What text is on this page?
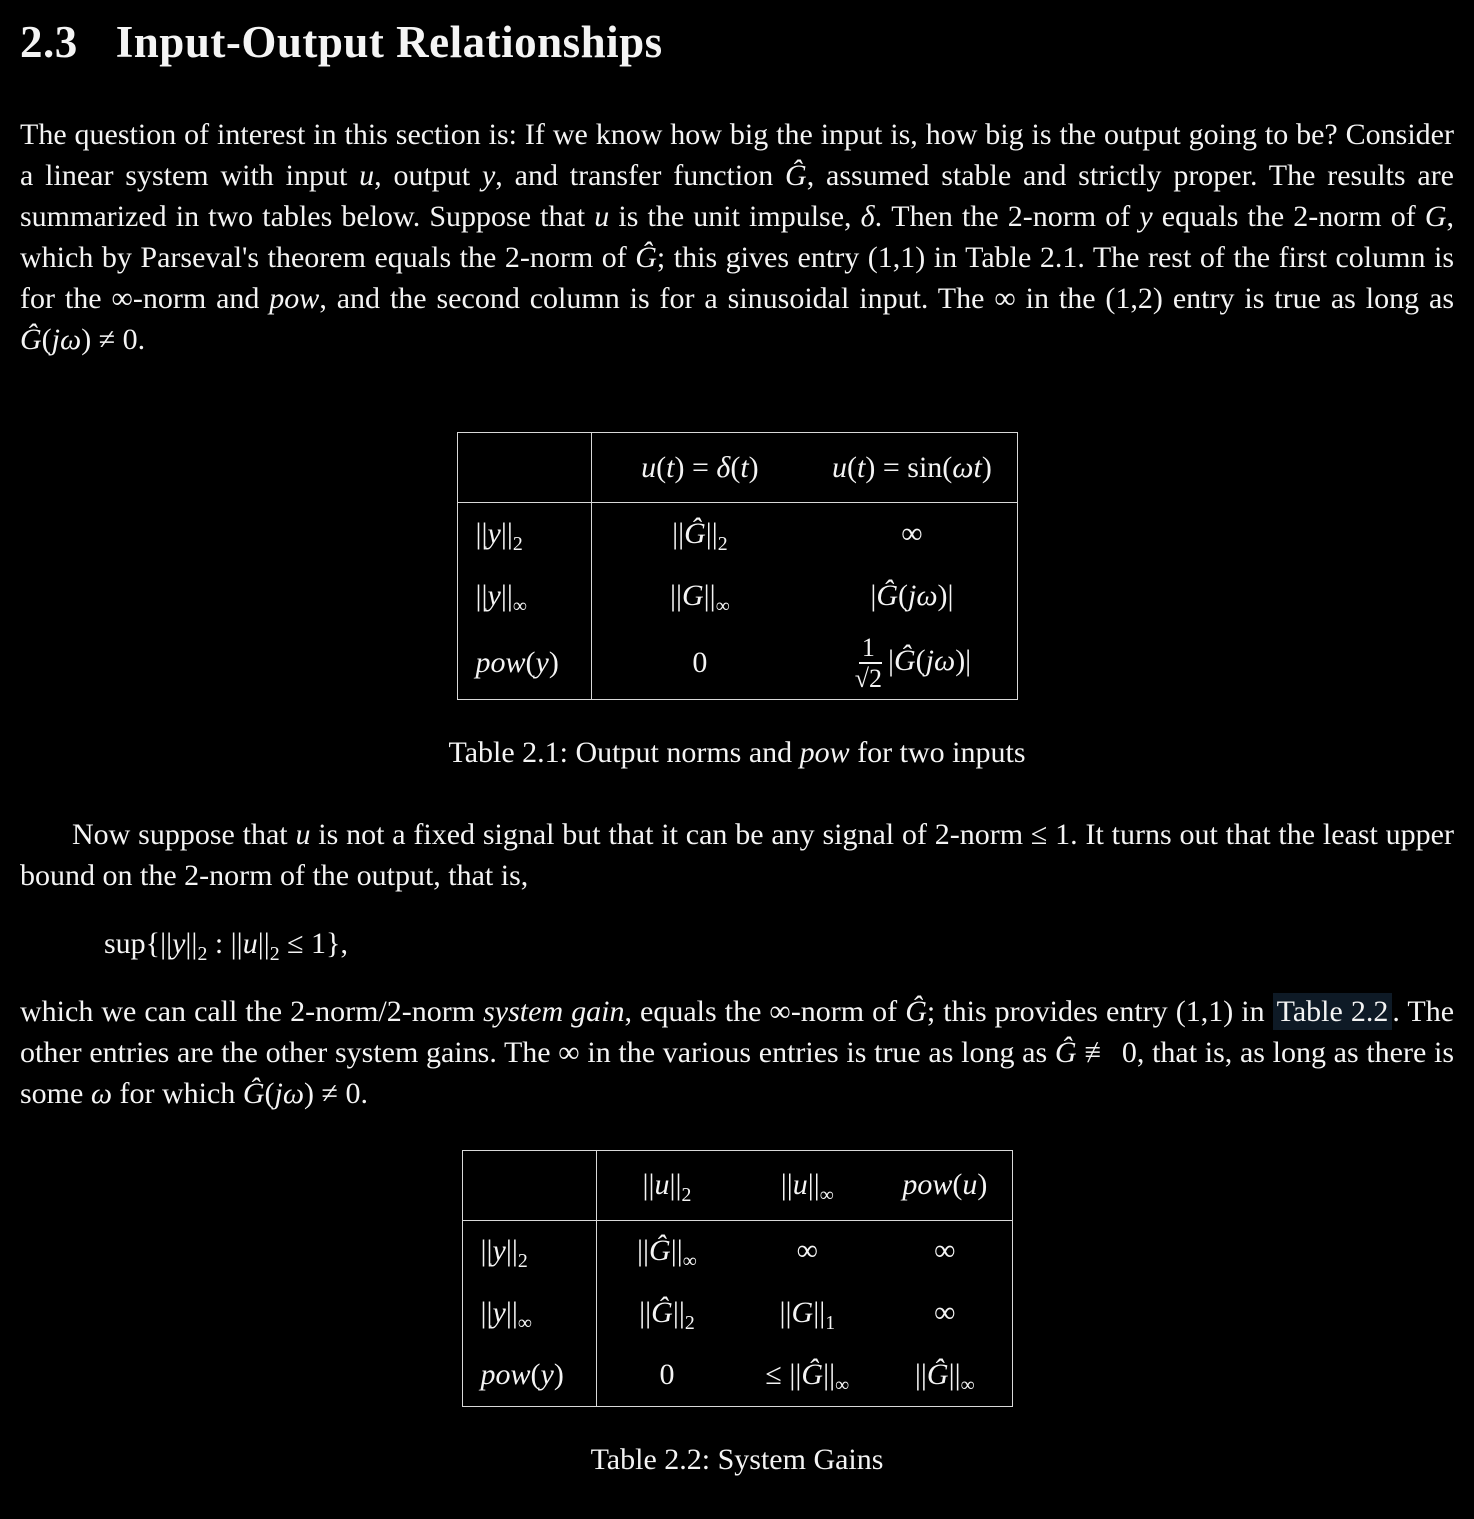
2.3 Input-Output Relationships

The question of interest in this section is: If we know how big the input is, how big is the output going to be? Consider a linear system with input u, output y, and transfer function Ĝ, assumed stable and strictly proper. The results are summarized in two tables below. Suppose that u is the unit impulse, δ. Then the 2-norm of y equals the 2-norm of G, which by Parseval's theorem equals the 2-norm of Ĝ; this gives entry (1,1) in Table 2.1. The rest of the first column is for the ∞-norm and pow, and the second column is for a sinusoidal input. The ∞ in the (1,2) entry is true as long as Ĝ(jω) ≠ 0.

	u(t) = δ(t)	u(t) = sin(ωt)
$||y||_2$	$||Ĝ||_2$	∞
$||y||_\infty$	$||G||_\infty$	|Ĝ(jω)|
pow(y)	0	$\frac{1}{√2}$ |Ĝ(jω)|
Table 2.1: Output norms and pow for two inputs

Now suppose that u is not a fixed signal but that it can be any signal of 2-norm ≤ 1. It turns out that the least upper bound on the 2-norm of the output, that is,

$sup\{||y||_2$ : $||u||_2 \le 1$},

which we can call the 2-norm/2-norm system gain, equals the ∞-norm of Ĝ; this provides entry (1,1) in Table 2.2 . The other entries are the other system gains. The ∞ in the various entries is true as long as Ĝ ≢ 0, that is, as long as there is some ω for which Ĝ(jω) ≠ 0.

	$||u||_2$	$||u||_\infty$	pow(u)
$||y||_2$	$||Ĝ||_\infty$	∞	∞
$||y||_\infty$	$||Ĝ||_2$	$||G||_1$	∞
pow(y)	0	≤ $||Ĝ||_\infty$	$||Ĝ||_\infty$
Table 2.2: System Gains
